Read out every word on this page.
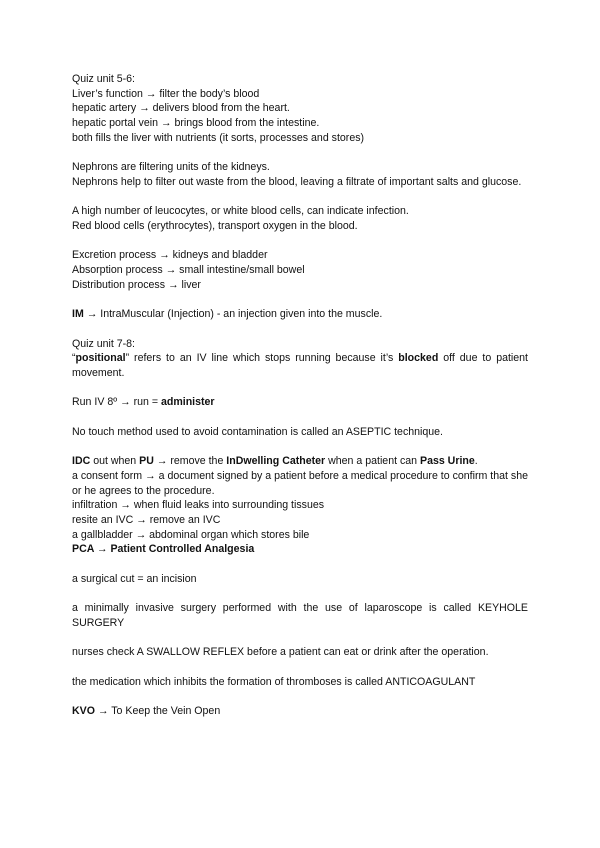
Quiz unit 5-6:
Liver’s function → filter the body’s blood
hepatic artery → delivers blood from the heart.
hepatic portal vein → brings blood from the intestine.
both fills the liver with nutrients (it sorts, processes and stores)
Nephrons are filtering units of the kidneys.
Nephrons help to filter out waste from the blood, leaving a filtrate of important salts and glucose.
A high number of leucocytes, or white blood cells, can indicate infection.
Red blood cells (erythrocytes), transport oxygen in the blood.
Excretion process → kidneys and bladder
Absorption process → small intestine/small bowel
Distribution process → liver
IM → IntraMuscular (Injection) - an injection given into the muscle.
Quiz unit 7-8:
“positional” refers to an IV line which stops running because it’s blocked off due to patient movement.
Run IV 8º → run = administer
No touch method used to avoid contamination is called an ASEPTIC technique.
IDC out when PU → remove the InDwelling Catheter when a patient can Pass Urine.
a consent form → a document signed by a patient before a medical procedure to confirm that she or he agrees to the procedure.
infiltration → when fluid leaks into surrounding tissues
resite an IVC → remove an IVC
a gallbladder → abdominal organ which stores bile
PCA → Patient Controlled Analgesia
a surgical cut = an incision
a minimally invasive surgery performed with the use of laparoscope is called KEYHOLE SURGERY
nurses check A SWALLOW REFLEX before a patient can eat or drink after the operation.
the medication which inhibits the formation of thromboses is called ANTICOAGULANT
KVO → To Keep the Vein Open
